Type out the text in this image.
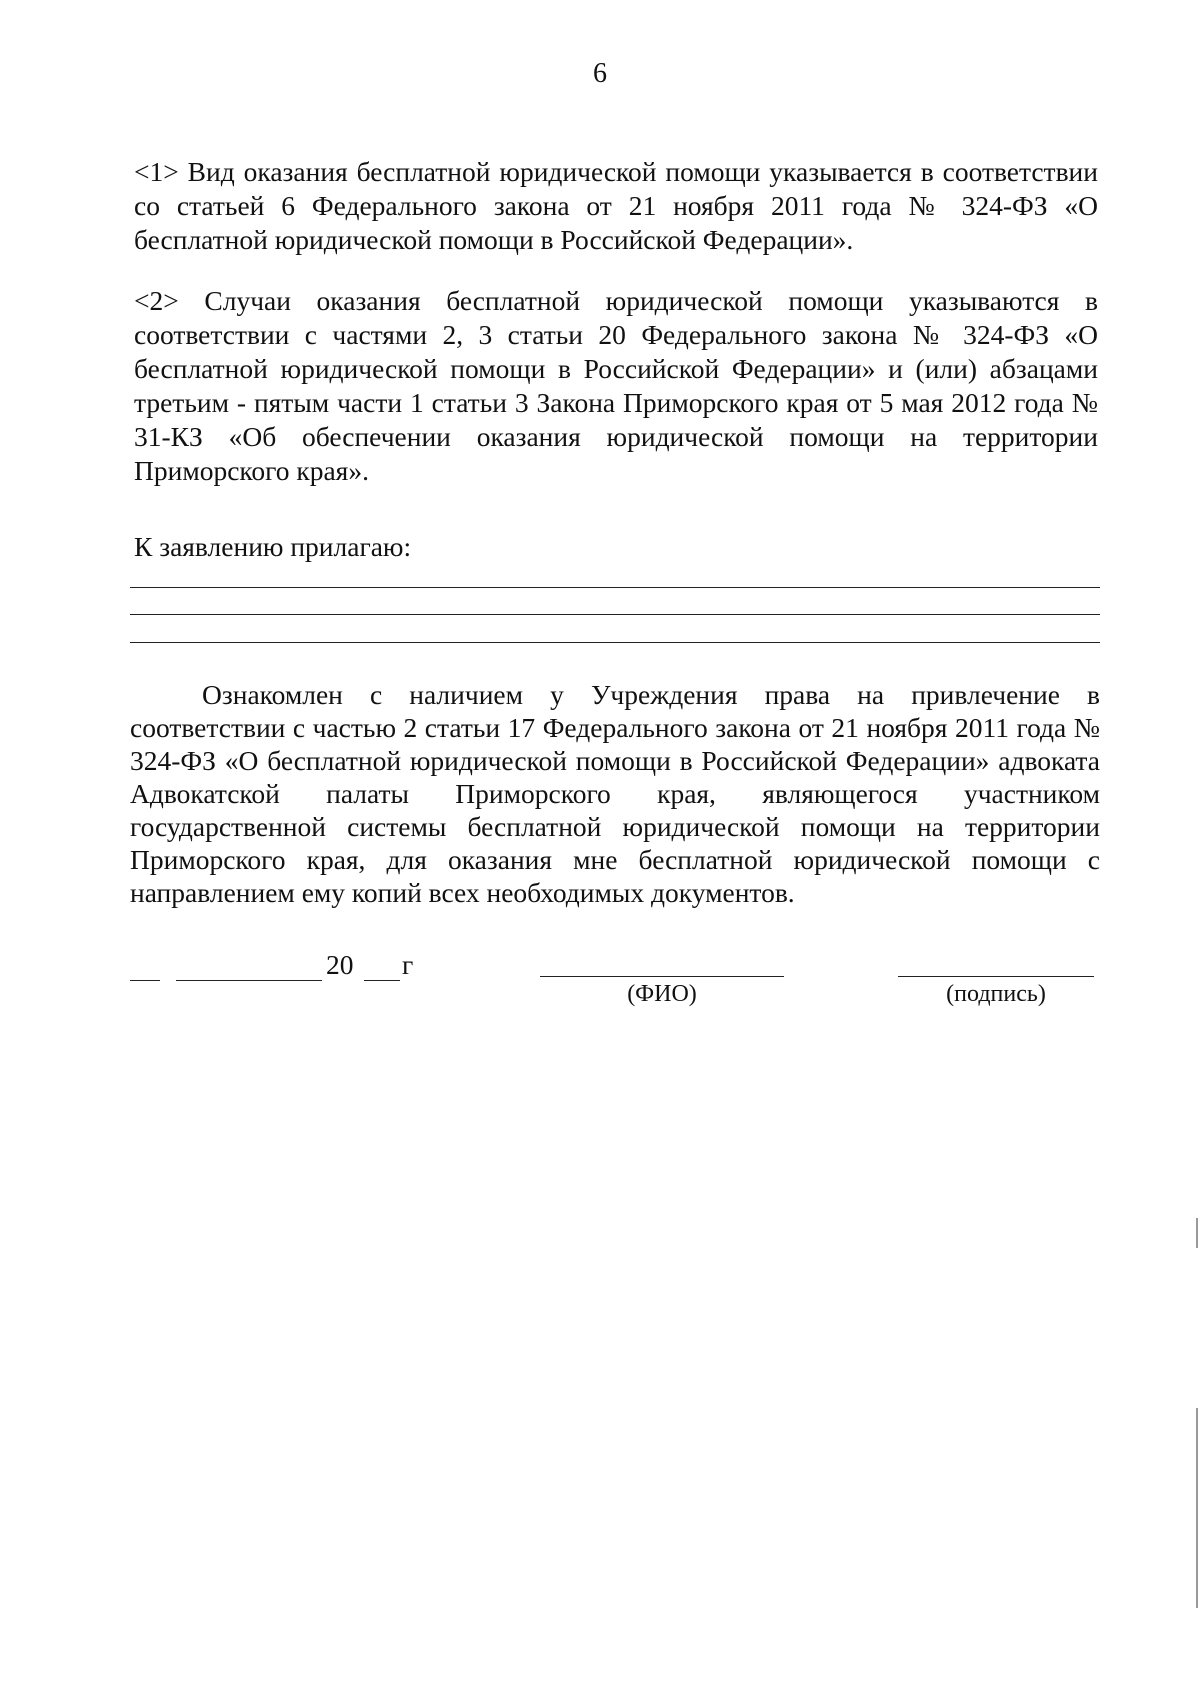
6

<1> Вид оказания бесплатной юридической помощи указывается в соответствии со статьей 6 Федерального закона от 21 ноября 2011 года № 324-ФЗ «О бесплатной юридической помощи в Российской Федерации».

<2> Случаи оказания бесплатной юридической помощи указываются в соответствии с частями 2, 3 статьи 20 Федерального закона № 324-ФЗ «О бесплатной юридической помощи в Российской Федерации» и (или) абзацами третьим - пятым части 1 статьи 3 Закона Приморского края от 5 мая 2012 года № 31-КЗ «Об обеспечении оказания юридической помощи на территории Приморского края».

К заявлению прилагаю:

Ознакомлен с наличием у Учреждения права на привлечение в соответствии с частью 2 статьи 17 Федерального закона от 21 ноября 2011 года № 324-ФЗ «О бесплатной юридической помощи в Российской Федерации» адвоката Адвокатской палаты Приморского края, являющегося участником государственной системы бесплатной юридической помощи на территории Приморского края, для оказания мне бесплатной юридической помощи с направлением ему копий всех необходимых документов.

20 г
(ФИО)	(подпись)
